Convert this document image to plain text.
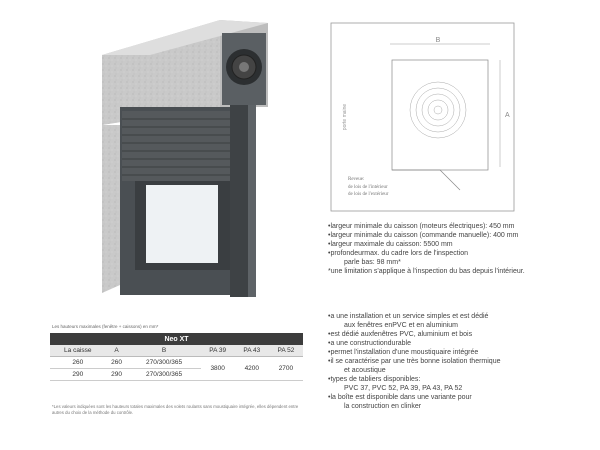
B
A
porte maine
Reveue:
de lois de l'intérieur
de lois de l'extérieur
•largeur minimale du caisson (moteurs électriques): 450 mm
•largeur minimale du caisson (commande manuelle): 400 mm
•largeur maximale du caisson: 5500 mm
•profondeurmax. du cadre lors de l'inspection
parle bas: 98 mm*
*une limitation s'applique à l'inspection du bas depuis l'intérieur.
•a une installation et un service simples et est dédié
aux fenêtres enPVC et en aluminium
•est dédié auxfenêtres PVC, aluminium et bois
•a une constructiondurable
•permet l'installation d'une moustiquaire intégrée
•il se caractérise par une très bonne isolation thermique
et acoustique
•types de tabliers disponibles:
PVC 37, PVC 52, PA 39, PA 43, PA 52
•la boîte est disponible dans une variante pour
la construction en clinker
Les hauteurs maximales (fenêtre + caissons) en mm*
Neo XT					
La caisse	A	B	PA 39	PA 43	PA 52
260	260	270/300/365	3800	4200	2700
290	290	270/300/365			
*Les valeurs indiquées sont les hauteurs totales maximales des volets roulants sans moustiquaire intégrée, elles dépendent entre autres du choix de la méthode du contrôle.
